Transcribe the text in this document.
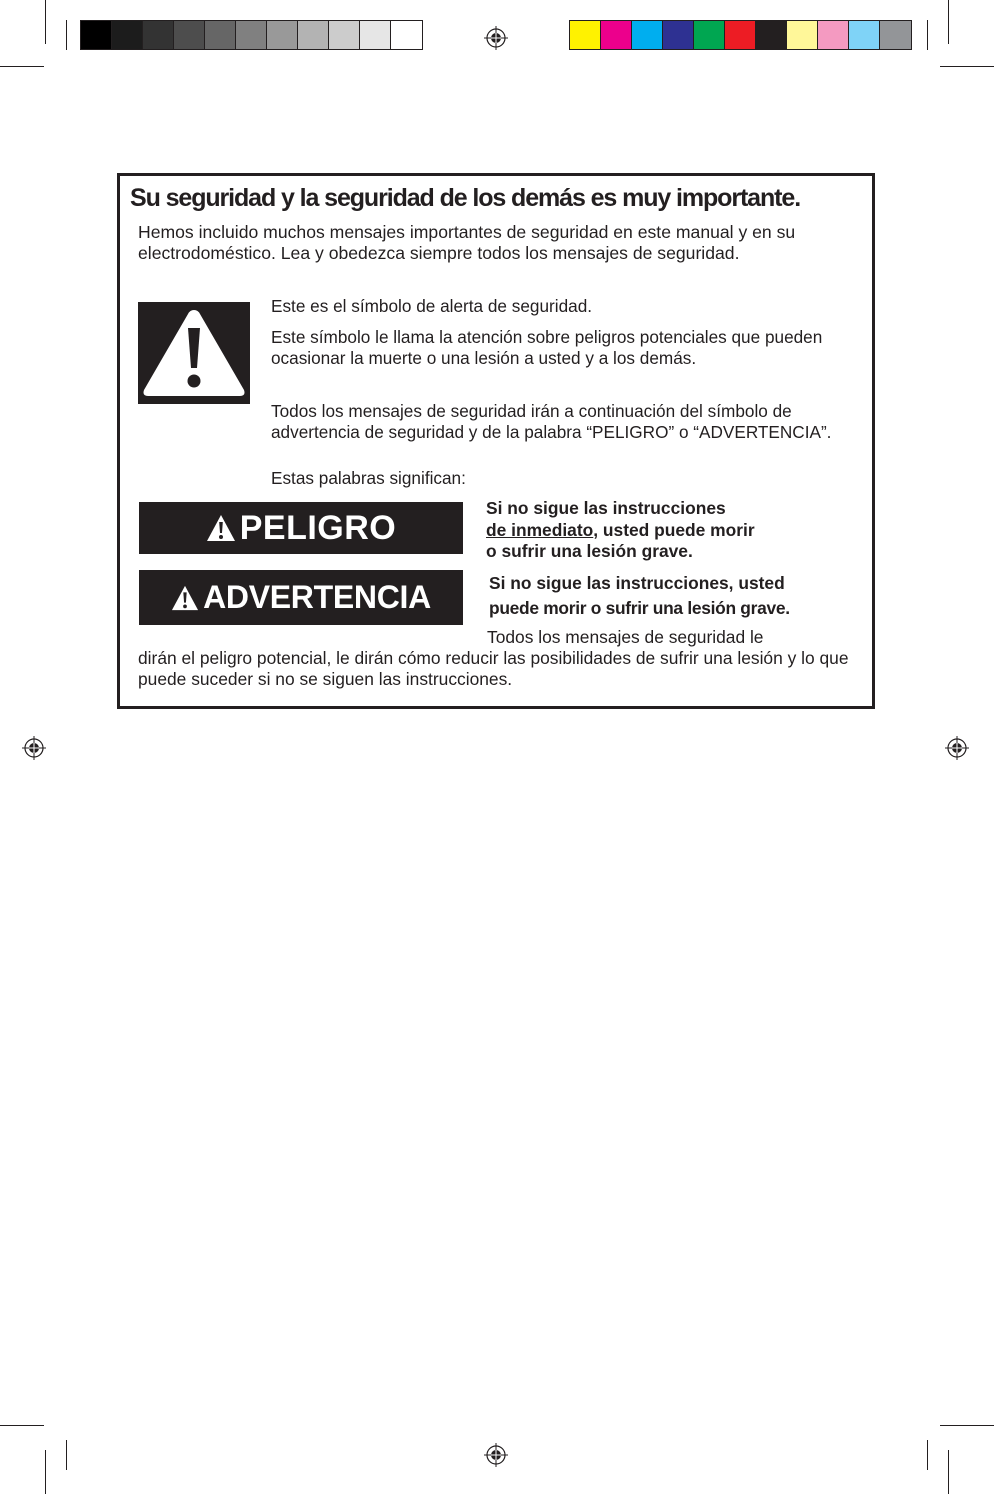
Su seguridad y la seguridad de los demás es muy importante.
Hemos incluido muchos mensajes importantes de seguridad en este manual y en su electrodoméstico. Lea y obedezca siempre todos los mensajes de seguridad.
Este es el símbolo de alerta de seguridad.
Este símbolo le llama la atención sobre peligros potenciales que pueden ocasionar la muerte o una lesión a usted y a los demás.
Todos los mensajes de seguridad irán a continuación del símbolo de advertencia de seguridad y de la palabra “PELIGRO” o “ADVERTENCIA”.
Estas palabras significan:
PELIGRO
Si no sigue las instrucciones
de inmediato, usted puede morir
o sufrir una lesión grave.
ADVERTENCIA	Si no sigue las instrucciones, usted
puede morir o sufrir una lesión grave.
Todos los mensajes de seguridad le
dirán el peligro potencial, le dirán cómo reducir las posibilidades de sufrir una lesión y lo que puede suceder si no se siguen las instrucciones.
